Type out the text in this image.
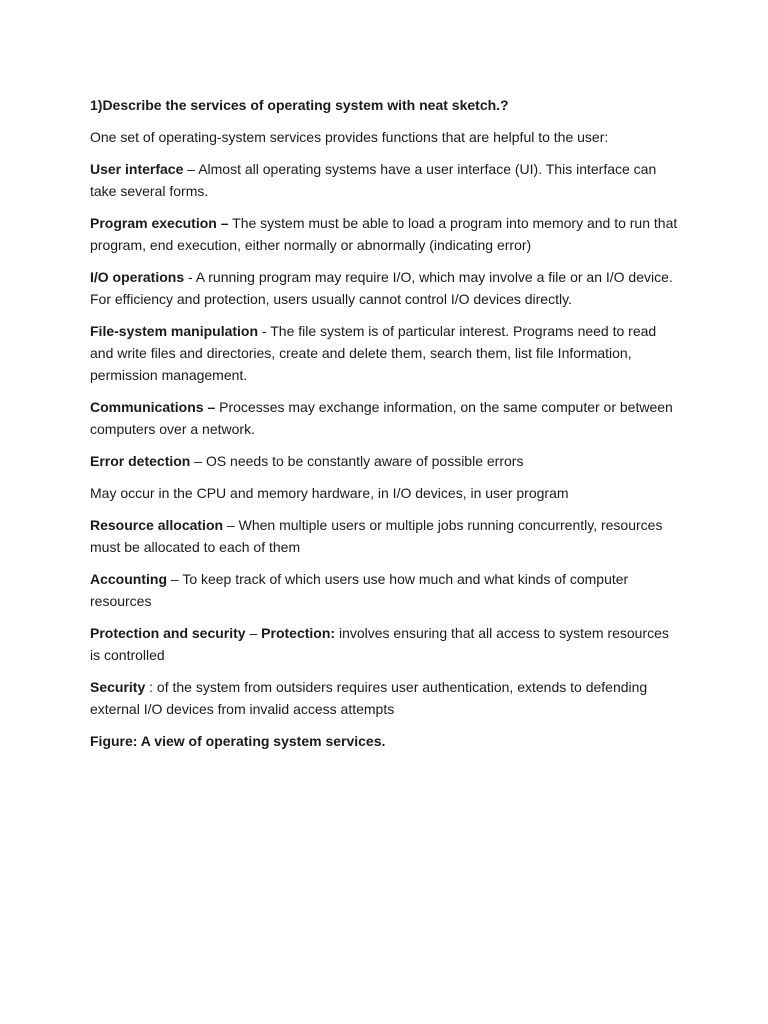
1)Describe the services of operating system with neat sketch.?

One set of operating-system services provides functions that are helpful to the user:

User interface – Almost all operating systems have a user interface (UI). This interface can take several forms.

Program execution – The system must be able to load a program into memory and to run that program, end execution, either normally or abnormally (indicating error)

I/O operations - A running program may require I/O, which may involve a file or an I/O device. For efficiency and protection, users usually cannot control I/O devices directly.

File-system manipulation - The file system is of particular interest. Programs need to read and write files and directories, create and delete them, search them, list file Information, permission management.

Communications – Processes may exchange information, on the same computer or between computers over a network.

Error detection – OS needs to be constantly aware of possible errors

May occur in the CPU and memory hardware, in I/O devices, in user program

Resource allocation – When multiple users or multiple jobs running concurrently, resources must be allocated to each of them

Accounting – To keep track of which users use how much and what kinds of computer resources

Protection and security – Protection: involves ensuring that all access to system resources is controlled

Security : of the system from outsiders requires user authentication, extends to defending external I/O devices from invalid access attempts

Figure: A view of operating system services.
